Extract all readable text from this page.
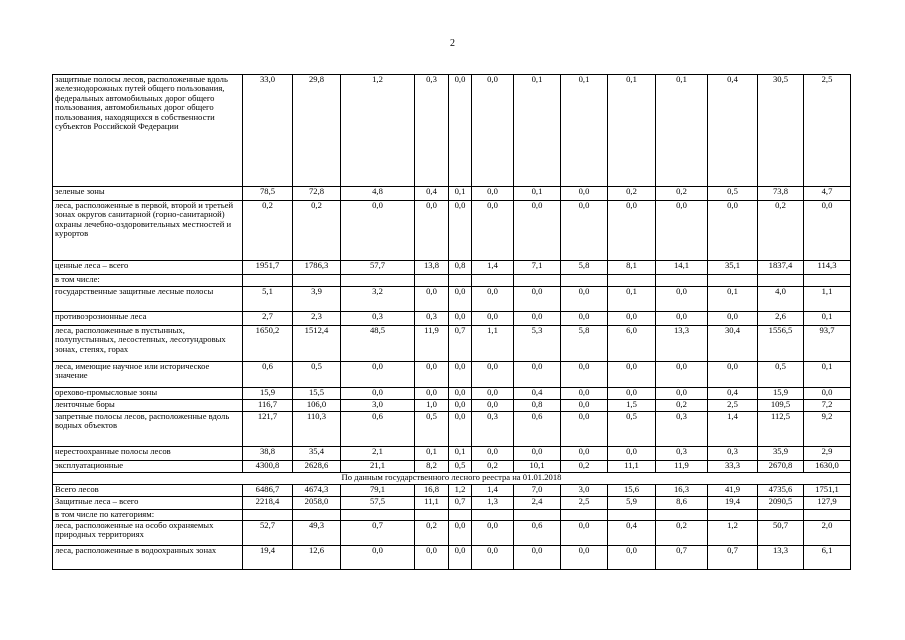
2
защитные полосы лесов, расположенные вдоль железнодорожных путей общего пользования, федеральных автомобильных дорог общего пользования, автомобильных дорог общего пользования, находящихся в собственности субъектов Российской Федерации	33,0	29,8	1,2	0,3	0,0	0,0	0,1	0,1	0,1	0,1	0,4	30,5	2,5
зеленые зоны	78,5	72,8	4,8	0,4	0,1	0,0	0,1	0,0	0,2	0,2	0,5	73,8	4,7
леса, расположенные в первой, второй и третьей зонах округов санитарной (горно-санитарной) охраны лечебно-оздоровительных местностей и курортов	0,2	0,2	0,0	0,0	0,0	0,0	0,0	0,0	0,0	0,0	0,0	0,2	0,0
ценные леса – всего	1951,7	1786,3	57,7	13,8	0,8	1,4	7,1	5,8	8,1	14,1	35,1	1837,4	114,3
в том числе:													
государственные защитные лесные полосы	5,1	3,9	3,2	0,0	0,0	0,0	0,0	0,0	0,1	0,0	0,1	4,0	1,1
противоэрозионные леса	2,7	2,3	0,3	0,3	0,0	0,0	0,0	0,0	0,0	0,0	0,0	2,6	0,1
леса, расположенные в пустынных, полупустынных, лесостепных, лесотундровых зонах, степях, горах	1650,2	1512,4	48,5	11,9	0,7	1,1	5,3	5,8	6,0	13,3	30,4	1556,5	93,7
леса, имеющие научное или историческое значение	0,6	0,5	0,0	0,0	0,0	0,0	0,0	0,0	0,0	0,0	0,0	0,5	0,1
орехово-промысловые зоны	15,9	15,5	0,0	0,0	0,0	0,0	0,4	0,0	0,0	0,0	0,4	15,9	0,0
ленточные боры	116,7	106,0	3,0	1,0	0,0	0,0	0,8	0,0	1,5	0,2	2,5	109,5	7,2
запретные полосы лесов, расположенные вдоль водных объектов	121,7	110,3	0,6	0,5	0,0	0,3	0,6	0,0	0,5	0,3	1,4	112,5	9,2
нерестоохранные полосы лесов	38,8	35,4	2,1	0,1	0,1	0,0	0,0	0,0	0,0	0,3	0,3	35,9	2,9
эксплуатационные	4300,8	2628,6	21,1	8,2	0,5	0,2	10,1	0,2	11,1	11,9	33,3	2670,8	1630,0
По данным государственного лесного реестра на 01.01.2018													
Всего лесов	6486,7	4674,3	79,1	16,8	1,2	1,4	7,0	3,0	15,6	16,3	41,9	4735,6	1751,1
Защитные леса – всего	2218,4	2058,0	57,5	11,1	0,7	1,3	2,4	2,5	5,9	8,6	19,4	2090,5	127,9
в том числе по категориям:													
леса, расположенные на особо охраняемых природных территориях	52,7	49,3	0,7	0,2	0,0	0,0	0,6	0,0	0,4	0,2	1,2	50,7	2,0
леса, расположенные в водоохранных зонах	19,4	12,6	0,0	0,0	0,0	0,0	0,0	0,0	0,0	0,7	0,7	13,3	6,1
